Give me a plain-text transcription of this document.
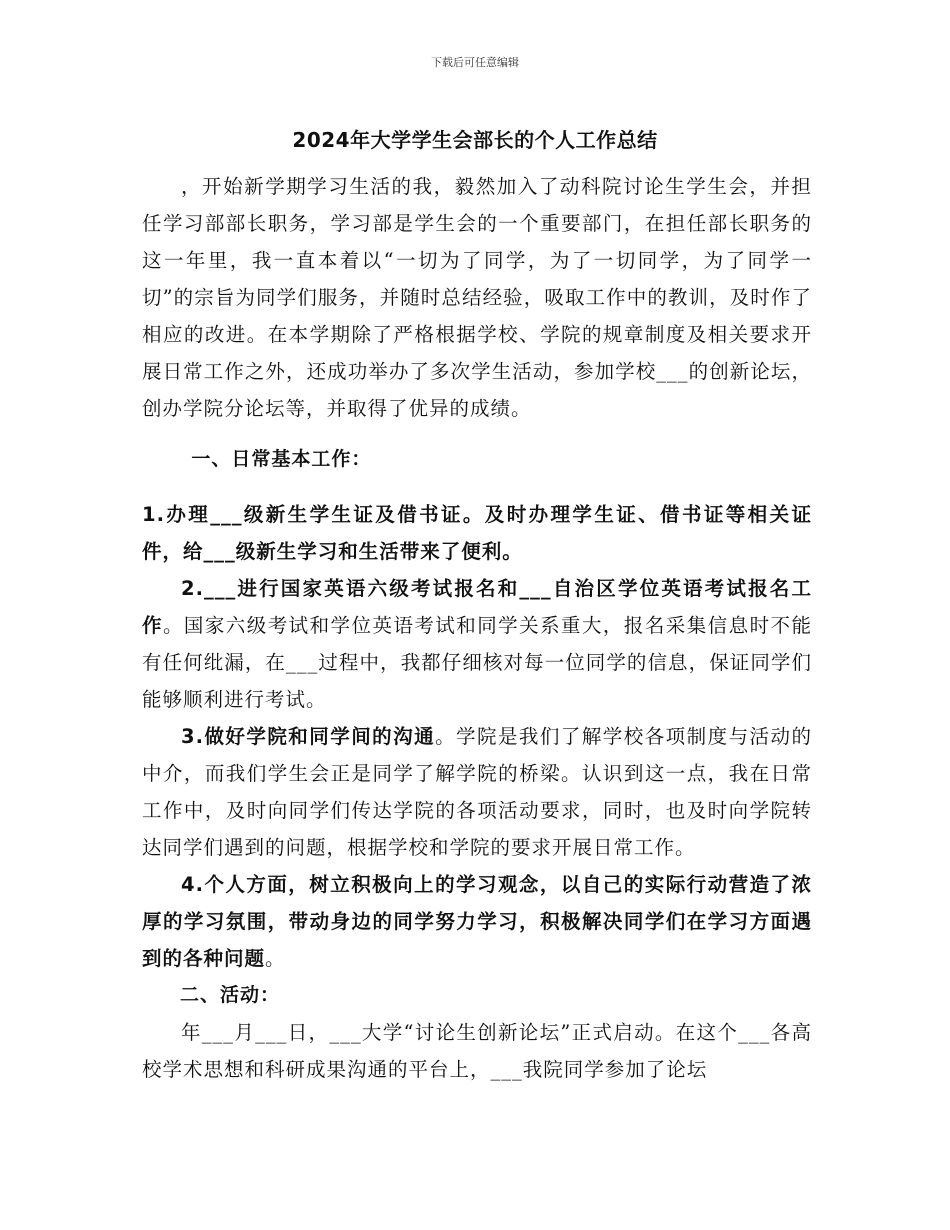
下载后可任意编辑
2024年大学学生会部长的个人工作总结

，开始新学期学习生活的我，毅然加入了动科院讨论生学生会，并担任学习部部长职务，学习部是学生会的一个重要部门，在担任部长职务的这一年里，我一直本着以“一切为了同学，为了一切同学，为了同学一切”的宗旨为同学们服务，并随时总结经验，吸取工作中的教训，及时作了相应的改进。在本学期除了严格根据学校、学院的规章制度及相关要求开展日常工作之外，还成功举办了多次学生活动，参加学校___的创新论坛，创办学院分论坛等，并取得了优异的成绩。

一、日常基本工作：

1.办理___级新生学生证及借书证。及时办理学生证、借书证等相关证件，给___级新生学习和生活带来了便利。

2.___进行国家英语六级考试报名和___自治区学位英语考试报名工作。国家六级考试和学位英语考试和同学关系重大，报名采集信息时不能有任何纰漏，在___过程中，我都仔细核对每一位同学的信息，保证同学们能够顺利进行考试。

3.做好学院和同学间的沟通。学院是我们了解学校各项制度与活动的中介，而我们学生会正是同学了解学院的桥梁。认识到这一点，我在日常工作中，及时向同学们传达学院的各项活动要求，同时，也及时向学院转达同学们遇到的问题，根据学校和学院的要求开展日常工作。

4.个人方面，树立积极向上的学习观念，以自己的实际行动营造了浓厚的学习氛围，带动身边的同学努力学习，积极解决同学们在学习方面遇到的各种问题。

二、活动：

年___月___日，___大学“讨论生创新论坛”正式启动。在这个___各高校学术思想和科研成果沟通的平台上，___我院同学参加了论坛
